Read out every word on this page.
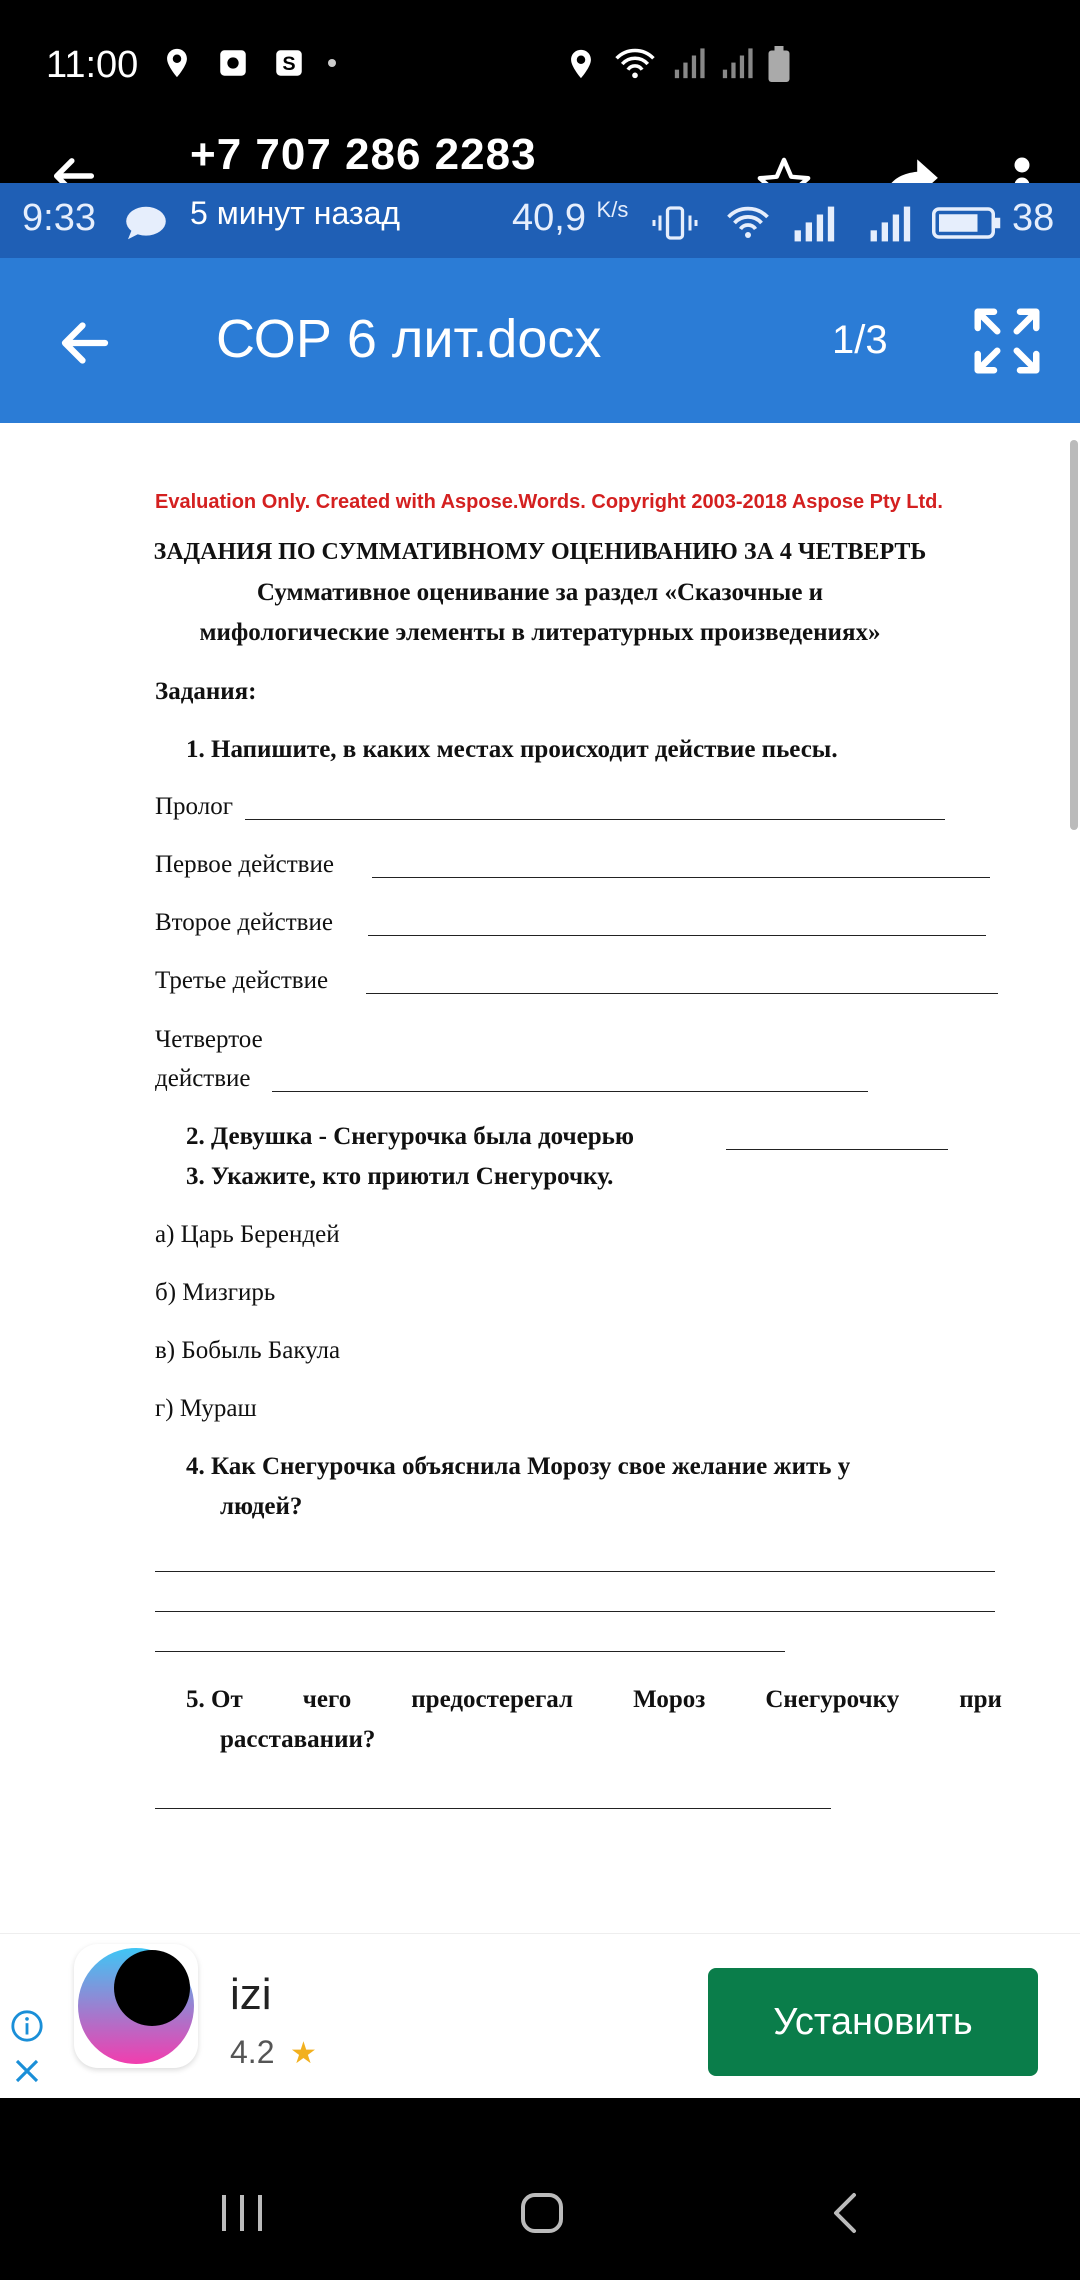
11:00	S
+7 707 286 2283
9:33	5 минут назад	40,9 $^{K/s}$	38
СОР 6 лит.docx	1/3
Evaluation Only. Created with Aspose.Words. Copyright 2003-2018 Aspose Pty Ltd.
ЗАДАНИЯ ПО СУММАТИВНОМУ ОЦЕНИВАНИЮ ЗА 4 ЧЕТВЕРТЬ
Суммативное оценивание за раздел «Сказочные и
мифологические элементы в литературных произведениях»
Задания:
1. Напишите, в каких местах происходит действие пьесы.
Пролог
Первое действие
Второе действие
Третье действие
Четвертое
действие
2. Девушка - Снегурочка была дочерью
3. Укажите, кто приютил Снегурочку.
а) Царь Берендей
б) Мизгирь
в) Бобыль Бакула
г) Мураш
4. Как Снегурочка объяснила Морозу свое желание жить у
людей?
5. От чего предостерегал Мороз Снегурочку при
расставании?
izi
4.2 ★
Установить
